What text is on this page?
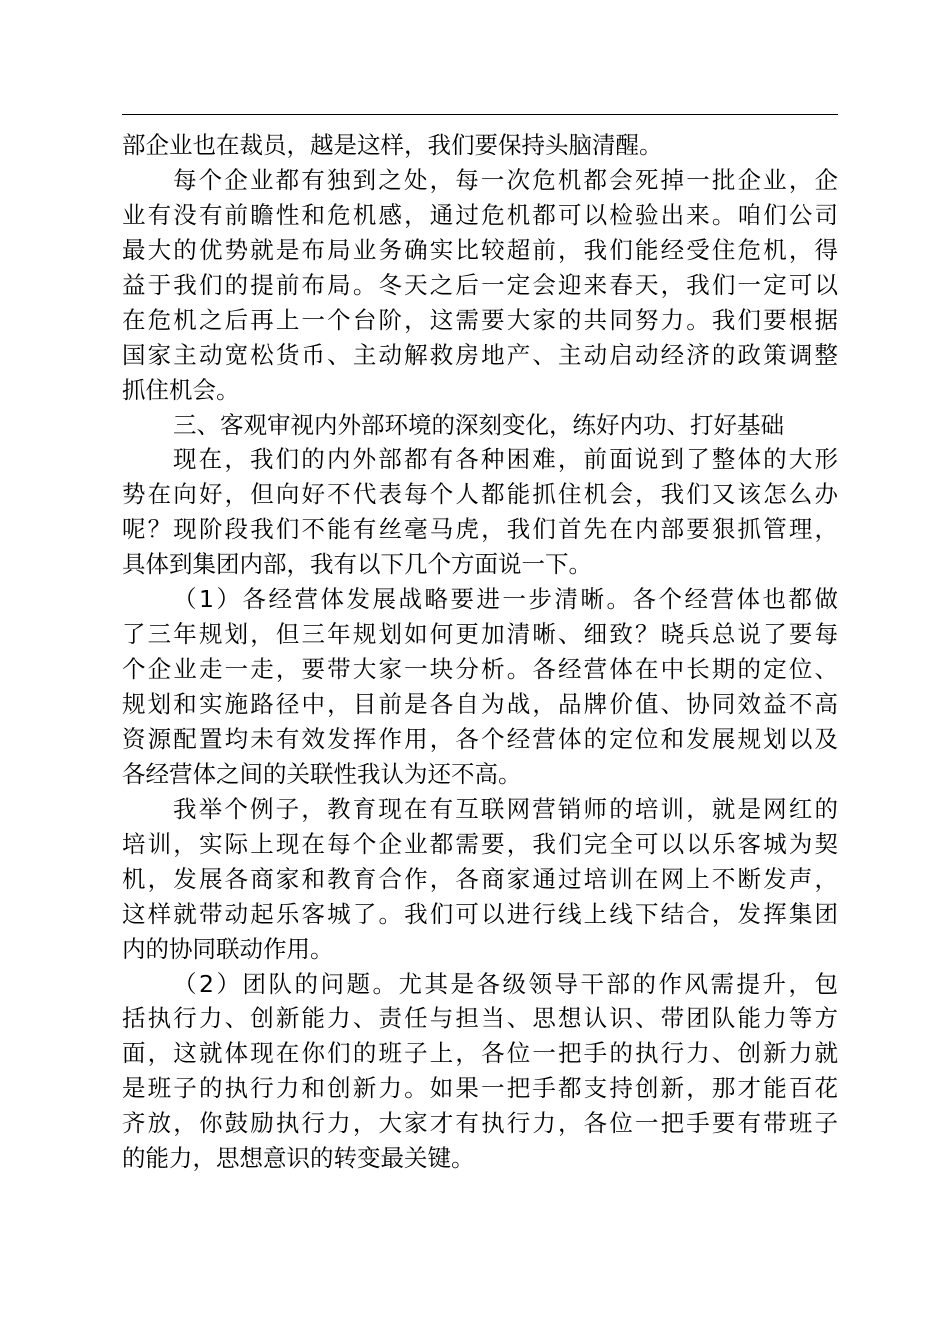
部企业也在裁员，越是这样，我们要保持头脑清醒。
每个企业都有独到之处，每一次危机都会死掉一批企业，企
业有没有前瞻性和危机感，通过危机都可以检验出来。咱们公司
最大的优势就是布局业务确实比较超前，我们能经受住危机，得
益于我们的提前布局。冬天之后一定会迎来春天，我们一定可以
在危机之后再上一个台阶，这需要大家的共同努力。我们要根据
国家主动宽松货币、主动解救房地产、主动启动经济的政策调整
抓住机会。
三、客观审视内外部环境的深刻变化，练好内功、打好基础
现在，我们的内外部都有各种困难，前面说到了整体的大形
势在向好，但向好不代表每个人都能抓住机会，我们又该怎么办
呢？现阶段我们不能有丝毫马虎，我们首先在内部要狠抓管理，
具体到集团内部，我有以下几个方面说一下。
（1）各经营体发展战略要进一步清晰。各个经营体也都做
了三年规划，但三年规划如何更加清晰、细致？晓兵总说了要每
个企业走一走，要带大家一块分析。各经营体在中长期的定位、
规划和实施路径中，目前是各自为战，品牌价值、协同效益不高
资源配置均未有效发挥作用，各个经营体的定位和发展规划以及
各经营体之间的关联性我认为还不高。
我举个例子，教育现在有互联网营销师的培训，就是网红的
培训，实际上现在每个企业都需要，我们完全可以以乐客城为契
机，发展各商家和教育合作，各商家通过培训在网上不断发声，
这样就带动起乐客城了。我们可以进行线上线下结合，发挥集团
内的协同联动作用。
（2）团队的问题。尤其是各级领导干部的作风需提升，包
括执行力、创新能力、责任与担当、思想认识、带团队能力等方
面，这就体现在你们的班子上，各位一把手的执行力、创新力就
是班子的执行力和创新力。如果一把手都支持创新，那才能百花
齐放，你鼓励执行力，大家才有执行力，各位一把手要有带班子
的能力，思想意识的转变最关键。
